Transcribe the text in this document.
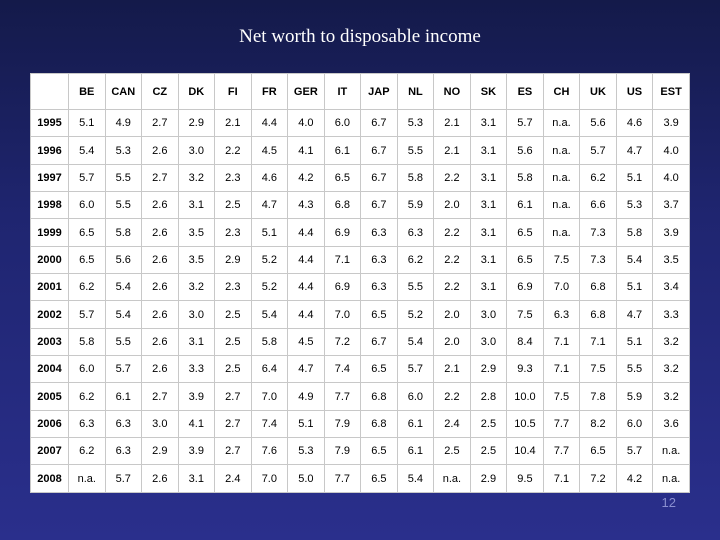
Net worth to disposable income
	BE	CAN	CZ	DK	FI	FR	GER	IT	JAP	NL	NO	SK	ES	CH	UK	US	EST
1995	5.1	4.9	2.7	2.9	2.1	4.4	4.0	6.0	6.7	5.3	2.1	3.1	5.7	n.a.	5.6	4.6	3.9
1996	5.4	5.3	2.6	3.0	2.2	4.5	4.1	6.1	6.7	5.5	2.1	3.1	5.6	n.a.	5.7	4.7	4.0
1997	5.7	5.5	2.7	3.2	2.3	4.6	4.2	6.5	6.7	5.8	2.2	3.1	5.8	n.a.	6.2	5.1	4.0
1998	6.0	5.5	2.6	3.1	2.5	4.7	4.3	6.8	6.7	5.9	2.0	3.1	6.1	n.a.	6.6	5.3	3.7
1999	6.5	5.8	2.6	3.5	2.3	5.1	4.4	6.9	6.3	6.3	2.2	3.1	6.5	n.a.	7.3	5.8	3.9
2000	6.5	5.6	2.6	3.5	2.9	5.2	4.4	7.1	6.3	6.2	2.2	3.1	6.5	7.5	7.3	5.4	3.5
2001	6.2	5.4	2.6	3.2	2.3	5.2	4.4	6.9	6.3	5.5	2.2	3.1	6.9	7.0	6.8	5.1	3.4
2002	5.7	5.4	2.6	3.0	2.5	5.4	4.4	7.0	6.5	5.2	2.0	3.0	7.5	6.3	6.8	4.7	3.3
2003	5.8	5.5	2.6	3.1	2.5	5.8	4.5	7.2	6.7	5.4	2.0	3.0	8.4	7.1	7.1	5.1	3.2
2004	6.0	5.7	2.6	3.3	2.5	6.4	4.7	7.4	6.5	5.7	2.1	2.9	9.3	7.1	7.5	5.5	3.2
2005	6.2	6.1	2.7	3.9	2.7	7.0	4.9	7.7	6.8	6.0	2.2	2.8	10.0	7.5	7.8	5.9	3.2
2006	6.3	6.3	3.0	4.1	2.7	7.4	5.1	7.9	6.8	6.1	2.4	2.5	10.5	7.7	8.2	6.0	3.6
2007	6.2	6.3	2.9	3.9	2.7	7.6	5.3	7.9	6.5	6.1	2.5	2.5	10.4	7.7	6.5	5.7	n.a.
2008	n.a.	5.7	2.6	3.1	2.4	7.0	5.0	7.7	6.5	5.4	n.a.	2.9	9.5	7.1	7.2	4.2	n.a.
12
